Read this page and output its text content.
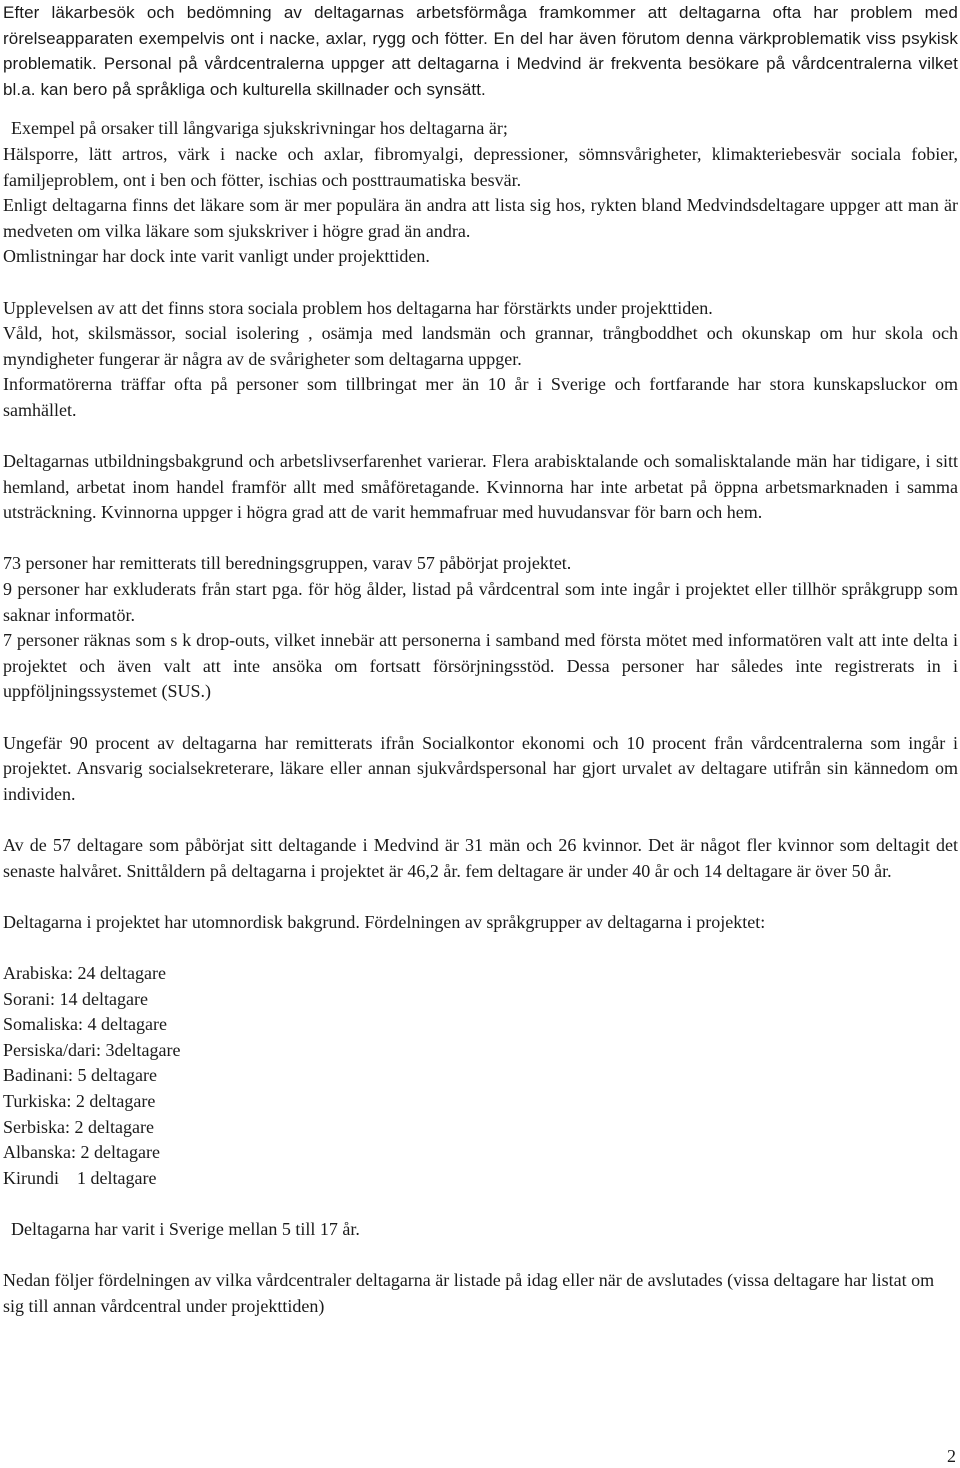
Efter läkarbesök och bedömning av deltagarnas arbetsförmåga framkommer att deltagarna ofta har problem med rörelseapparaten exempelvis ont i nacke, axlar, rygg och fötter. En del har även förutom denna värkproblematik viss psykisk problematik. Personal på vårdcentralerna uppger att deltagarna i Medvind är frekventa besökare på vårdcentralerna vilket bl.a. kan bero på språkliga och kulturella skillnader och synsätt.

Exempel på orsaker till långvariga sjukskrivningar hos deltagarna är;

Hälsporre, lätt artros, värk i nacke och axlar, fibromyalgi, depressioner, sömnsvårigheter, klimakteriebesvär sociala fobier, familjeproblem, ont i ben och fötter, ischias och posttraumatiska besvär.

Enligt deltagarna finns det läkare som är mer populära än andra att lista sig hos, rykten bland Medvindsdeltagare uppger att man är medveten om vilka läkare som sjukskriver i högre grad än andra.

Omlistningar har dock inte varit vanligt under projekttiden.

Upplevelsen av att det finns stora sociala problem hos deltagarna har förstärkts under projekttiden.

Våld, hot, skilsmässor, social isolering , osämja med landsmän och grannar, trångboddhet och okunskap om hur skola och myndigheter fungerar är några av de svårigheter som deltagarna uppger.

Informatörerna träffar ofta på personer som tillbringat mer än 10 år i Sverige och fortfarande har stora kunskapsluckor om samhället.

Deltagarnas utbildningsbakgrund och arbetslivserfarenhet varierar. Flera arabisktalande och somalisktalande män har tidigare, i sitt hemland, arbetat inom handel framför allt med småföretagande. Kvinnorna har inte arbetat på öppna arbetsmarknaden i samma utsträckning. Kvinnorna uppger i högra grad att de varit hemmafruar med huvudansvar för barn och hem.

73 personer har remitterats till beredningsgruppen, varav 57 påbörjat projektet.

9 personer har exkluderats från start pga. för hög ålder, listad på vårdcentral som inte ingår i projektet eller tillhör språkgrupp som saknar informatör.

7 personer räknas som s k drop-outs, vilket innebär att personerna i samband med första mötet med informatören valt att inte delta i projektet och även valt att inte ansöka om fortsatt försörjningsstöd. Dessa personer har således inte registrerats in i uppföljningssystemet (SUS.)

Ungefär 90 procent av deltagarna har remitterats ifrån Socialkontor ekonomi och 10 procent från vårdcentralerna som ingår i projektet. Ansvarig socialsekreterare, läkare eller annan sjukvårdspersonal har gjort urvalet av deltagare utifrån sin kännedom om individen.

Av de 57 deltagare som påbörjat sitt deltagande i Medvind är 31 män och 26 kvinnor. Det är något fler kvinnor som deltagit det senaste halvåret. Snittåldern på deltagarna i projektet är 46,2 år. fem deltagare är under 40 år och 14 deltagare är över 50 år.

Deltagarna i projektet har utomnordisk bakgrund. Fördelningen av språkgrupper av deltagarna i projektet:

Arabiska: 24 deltagare
Sorani: 14 deltagare
Somaliska: 4 deltagare
Persiska/dari: 3deltagare
Badinani: 5 deltagare
Turkiska: 2 deltagare
Serbiska: 2 deltagare
Albanska: 2 deltagare
Kirundi    1 deltagare

Deltagarna har varit i Sverige mellan 5 till 17 år.

Nedan följer fördelningen av vilka vårdcentraler deltagarna är listade på idag eller när de avslutades (vissa deltagare har listat om sig till annan vårdcentral under projekttiden)

2
